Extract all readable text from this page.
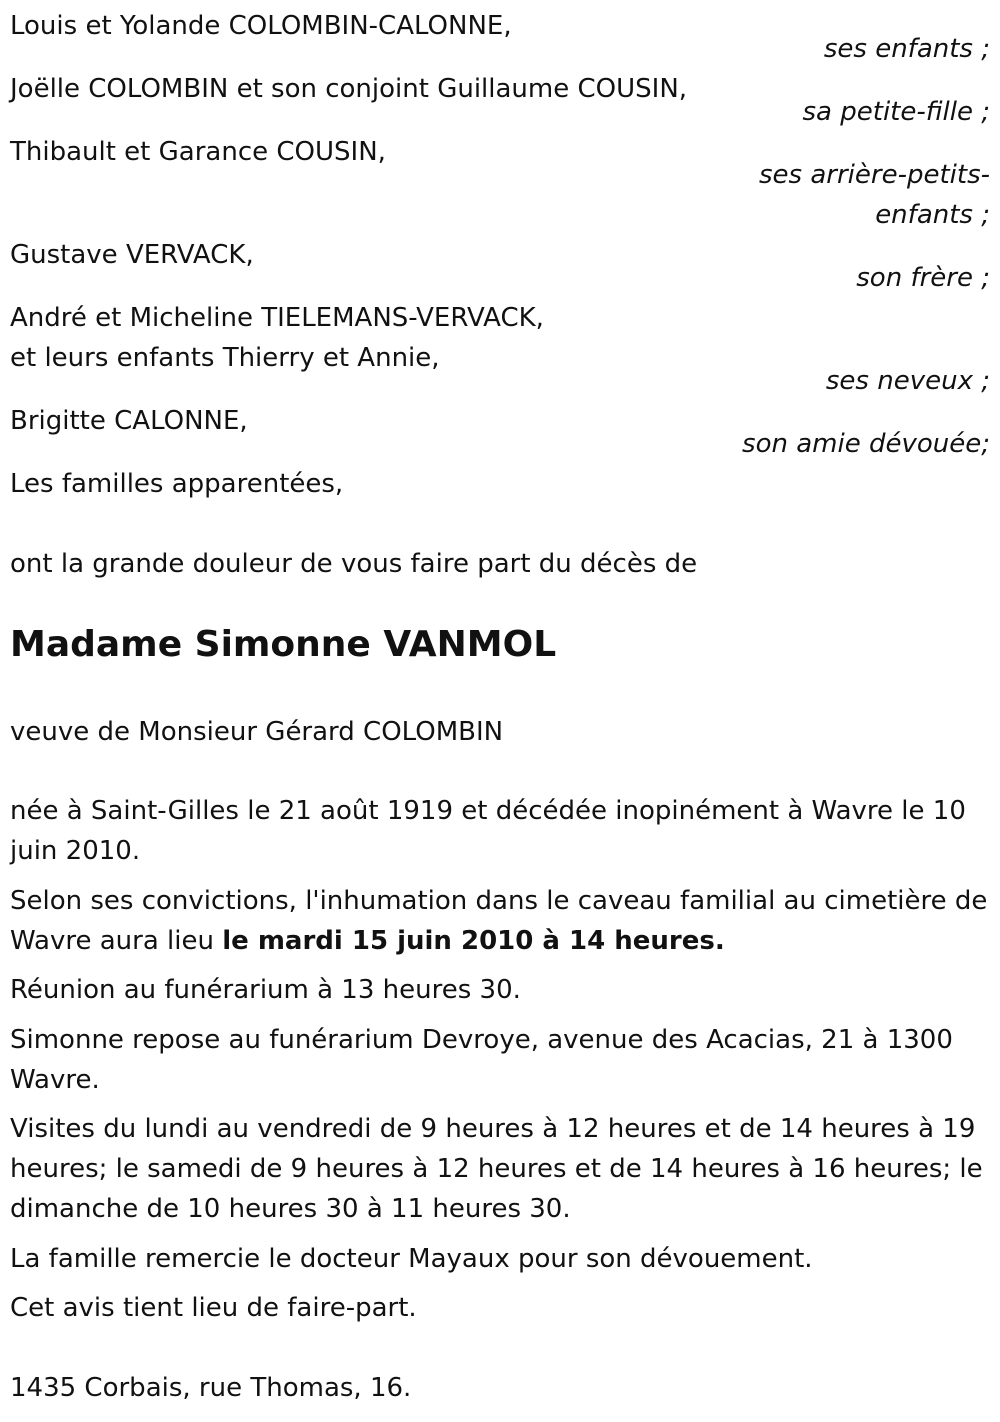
Louis et Yolande COLOMBIN-CALONNE,
ses enfants ;
Joëlle COLOMBIN et son conjoint Guillaume COUSIN,
sa petite-fille ;
Thibault et Garance COUSIN,
ses arrière-petits-
enfants ;
Gustave VERVACK,
son frère ;
André et Micheline TIELEMANS-VERVACK,
et leurs enfants Thierry et Annie,
ses neveux ;
Brigitte CALONNE,
son amie dévouée;
Les familles apparentées,
ont la grande douleur de vous faire part du décès de
Madame Simonne VANMOL
veuve de Monsieur Gérard COLOMBIN
née à Saint-Gilles le 21 août 1919 et décédée inopinément à Wavre le 10 juin 2010.
Selon ses convictions, l'inhumation dans le caveau familial au cimetière de Wavre aura lieu le mardi 15 juin 2010 à 14 heures.
Réunion au funérarium à 13 heures 30.
Simonne repose au funérarium Devroye, avenue des Acacias, 21 à 1300 Wavre.
Visites du lundi au vendredi de 9 heures à 12 heures et de 14 heures à 19 heures; le samedi de 9 heures à 12 heures et de 14 heures à 16 heures; le dimanche de 10 heures 30 à 11 heures 30.
La famille remercie le docteur Mayaux pour son dévouement.
Cet avis tient lieu de faire-part.
1435 Corbais, rue Thomas, 16.
